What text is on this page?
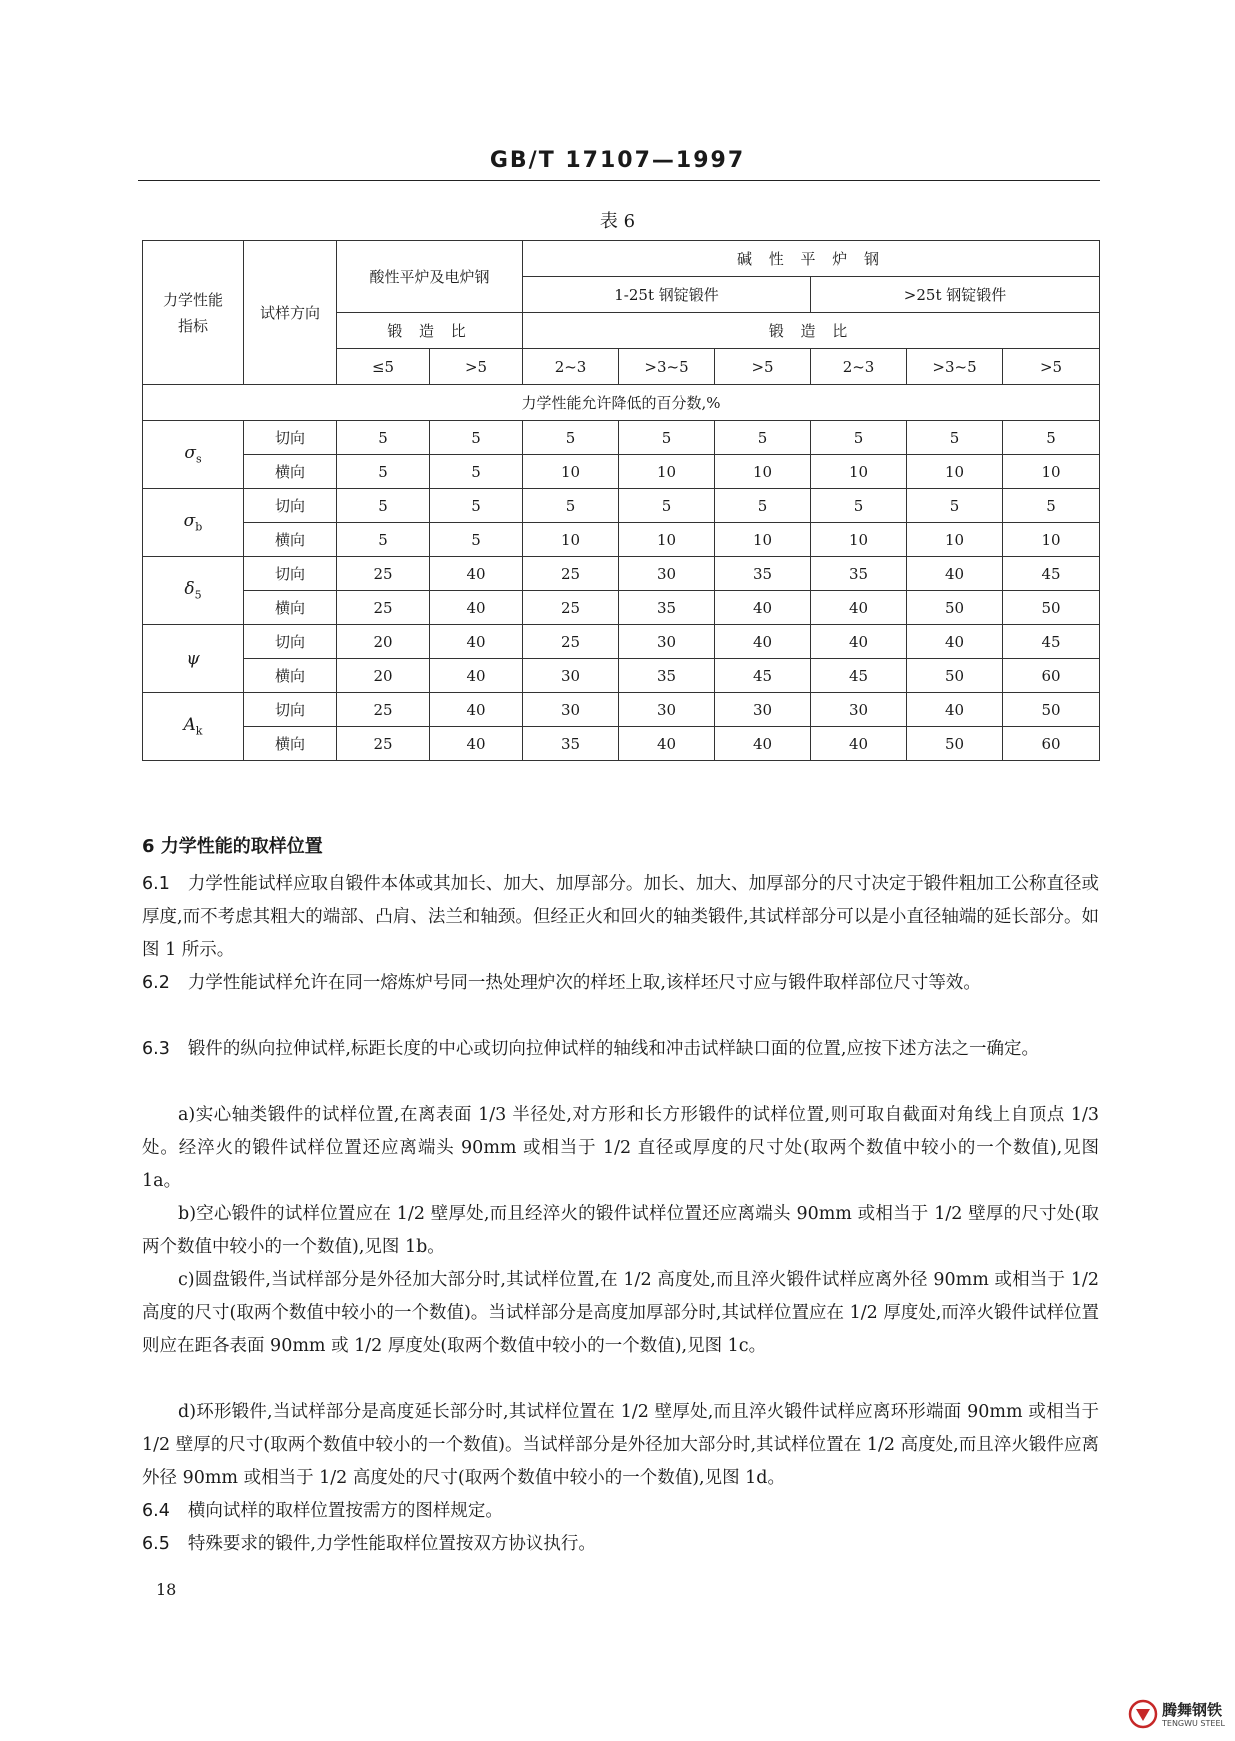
GB/T 17107—1997
表 6
力学性能指标	试样方向	酸性平炉及电炉钢		碱 性 平 炉 钢					
				1-25t 钢锭锻件			>25t 钢锭锻件		
		锻 造 比		锻 造 比					
		≤5	>5	2~3	>3~5	>5	2~3	>3~5	>5
力学性能允许降低的百分数,%									
$\sigma_s$	切向	5	5	5	5	5	5	5	5
	横向	5	5	10	10	10	10	10	10
$\sigma_b$	切向	5	5	5	5	5	5	5	5
	横向	5	5	10	10	10	10	10	10
$\delta_5$	切向	25	40	25	30	35	35	40	45
	横向	25	40	25	35	40	40	50	50
ψ	切向	20	40	25	30	40	40	40	45
	横向	20	40	30	35	45	45	50	60
$A_k$	切向	25	40	30	30	30	30	40	50
	横向	25	40	35	40	40	40	50	60
6 力学性能的取样位置
6.1 力学性能试样应取自锻件本体或其加长、加大、加厚部分。加长、加大、加厚部分的尺寸决定于锻件粗加工公称直径或厚度,而不考虑其粗大的端部、凸肩、法兰和轴颈。但经正火和回火的轴类锻件,其试样部分可以是小直径轴端的延长部分。如图 1 所示。
6.2 力学性能试样允许在同一熔炼炉号同一热处理炉次的样坯上取,该样坯尺寸应与锻件取样部位尺寸等效。
6.3 锻件的纵向拉伸试样,标距长度的中心或切向拉伸试样的轴线和冲击试样缺口面的位置,应按下述方法之一确定。
a)实心轴类锻件的试样位置,在离表面 1/3 半径处,对方形和长方形锻件的试样位置,则可取自截面对角线上自顶点 1/3 处。经淬火的锻件试样位置还应离端头 90mm 或相当于 1/2 直径或厚度的尺寸处(取两个数值中较小的一个数值),见图 1a。
b)空心锻件的试样位置应在 1/2 壁厚处,而且经淬火的锻件试样位置还应离端头 90mm 或相当于 1/2 壁厚的尺寸处(取两个数值中较小的一个数值),见图 1b。
c)圆盘锻件,当试样部分是外径加大部分时,其试样位置,在 1/2 高度处,而且淬火锻件试样应离外径 90mm 或相当于 1/2 高度的尺寸(取两个数值中较小的一个数值)。当试样部分是高度加厚部分时,其试样位置应在 1/2 厚度处,而淬火锻件试样位置则应在距各表面 90mm 或 1/2 厚度处(取两个数值中较小的一个数值),见图 1c。
d)环形锻件,当试样部分是高度延长部分时,其试样位置在 1/2 壁厚处,而且淬火锻件试样应离环形端面 90mm 或相当于 1/2 壁厚的尺寸(取两个数值中较小的一个数值)。当试样部分是外径加大部分时,其试样位置在 1/2 高度处,而且淬火锻件应离外径 90mm 或相当于 1/2 高度处的尺寸(取两个数值中较小的一个数值),见图 1d。
6.4 横向试样的取样位置按需方的图样规定。
6.5 特殊要求的锻件,力学性能取样位置按双方协议执行。
18
腾舞钢铁
TENGWU STEEL
